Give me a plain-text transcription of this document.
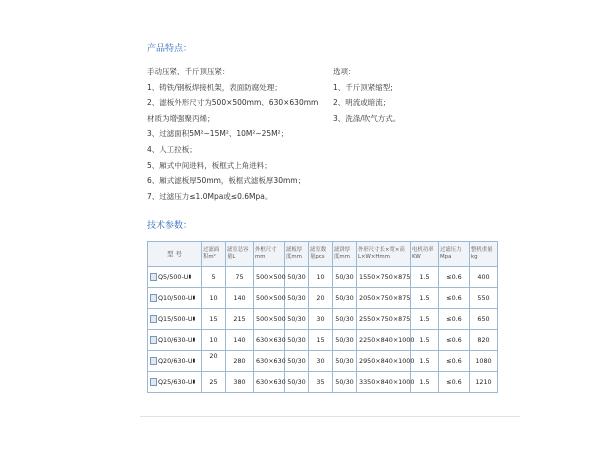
产品特点：
手动压紧、千斤顶压紧：
1、铸铁/钢板焊接机架，表面防腐处理；
2、滤板外形尺寸为500×500mm、630×630mm
材质为增强聚丙烯；
3、过滤面积5M²~15M²、10M²~25M²；
4、人工拉板；
5、厢式中间进料，板框式上角进料；
6、厢式滤板厚50mm，板框式滤板厚30mm；
7、过滤压力≤1.0Mpa或≤0.6Mpa。
选项：
1、千斤顶紧缩型;
2、明流或暗流；
3、洗涤/吹气方式。
技术参数：
型 号	过滤面积m²	滤室总容量L	外框尺寸mm	滤板厚度mm	滤室数量pcs	滤饼厚度mm	外形尺寸长×宽×高L×W×Hmm	电机功率KW	过滤压力Mpa	整机重量kg
Q5/500-U▮	5	75	500×500	50/30	10	50/30	1550×750×875	1.5	≤0.6	400
Q10/500-U▮	10	140	500×500	50/30	20	50/30	2050×750×875	1.5	≤0.6	550
Q15/500-U▮	15	215	500×500	50/30	30	50/30	2550×750×875	1.5	≤0.6	650
Q10/630-U▮	10	140	630×630	50/30	15	50/30	2250×840×1000	1.5	≤0.6	820
Q20/630-U▮	20	280	630×630	50/30	30	50/30	2950×840×1000	1.5	≤0.6	1080
Q25/630-U▮	25	380	630×630	50/30	35	50/30	3350×840×1000	1.5	≤0.6	1210
